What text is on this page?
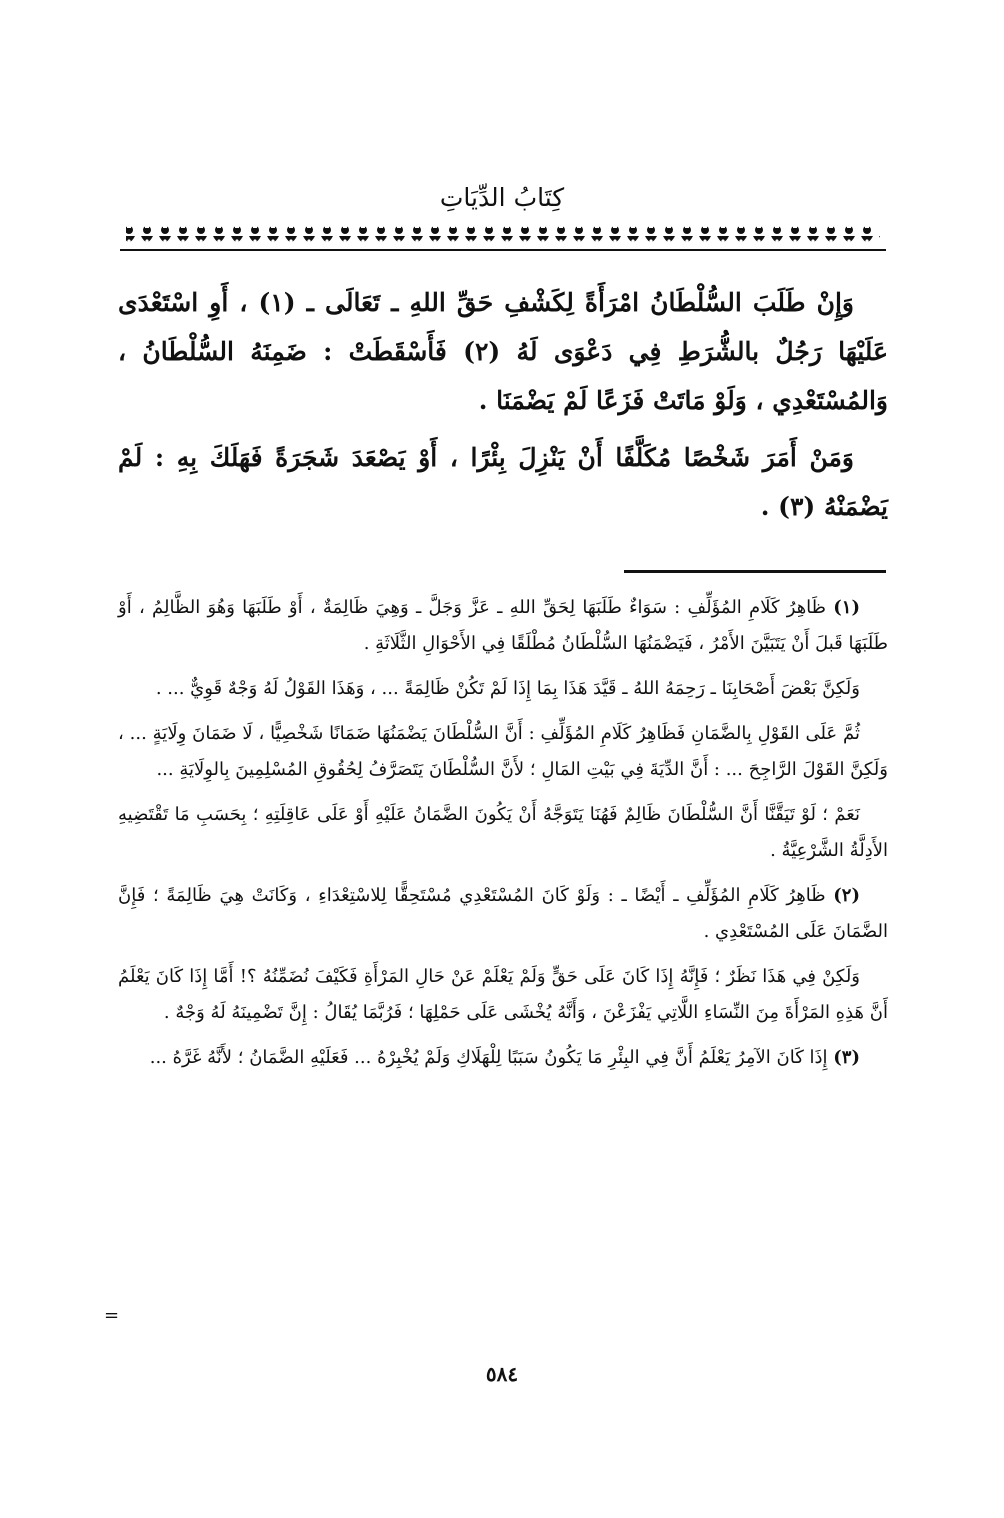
كِتَابُ الدِّيَاتِ

وَإِنْ طَلَبَ السُّلْطَانُ امْرَأَةً لِكَشْفِ حَقِّ اللهِ ـ تَعَالَى ـ (١) ، أَوِ اسْتَعْدَى عَلَيْهَا رَجُلٌ بالشُّرَطِ فِي دَعْوَى لَهُ (٢) فَأَسْقَطَتْ : ضَمِنَهُ السُّلْطَانُ ، وَالمُسْتَعْدِي ، وَلَوْ مَاتَتْ فَزَعًا لَمْ يَضْمَنَا .

وَمَنْ أَمَرَ شَخْصًا مُكَلَّفًا أَنْ يَنْزِلَ بِئْرًا ، أَوْ يَصْعَدَ شَجَرَةً فَهَلَكَ بِهِ : لَمْ يَضْمَنْهُ (٣) .

(١) ظَاهِرُ كَلَامِ المُؤَلِّفِ : سَوَاءٌ طَلَبَهَا لِحَقِّ اللهِ ـ عَزَّ وَجَلَّ ـ وَهِيَ ظَالِمَةٌ ، أَوْ طَلَبَهَا وَهُوَ الظَّالِمُ ، أَوْ طَلَبَهَا قَبلَ أَنْ يَتَبَيَّنَ الأَمْرُ ، فَيَضْمَنُهَا السُّلْطَانُ مُطْلَقًا فِي الأَحْوَالِ الثَّلَاثَةِ .

وَلَكِنَّ بَعْضَ أَصْحَابِنَا ـ رَحِمَهُ اللهُ ـ قَيَّدَ هَذَا بِمَا إِذَا لَمْ تَكُنْ ظَالِمَةً ... ، وَهَذَا القَوْلُ لَهُ وَجْهٌ قَوِيٌّ ... .

ثُمَّ عَلَى القَوْلِ بِالضَّمَانِ فَظَاهِرُ كَلَامِ المُؤَلِّفِ : أَنَّ السُّلْطَانَ يَضْمَنُهَا ضَمَانًا شَخْصِيًّا ، لَا ضَمَانَ وِلَايَةٍ ... ، وَلَكِنَّ القَوْلَ الرَّاجِحَ ... : أَنَّ الدِّيَةَ فِي بَيْتِ المَالِ ؛ لأَنَّ السُّلْطَانَ يَتَصَرَّفُ لِحُقُوقِ المُسْلِمِينَ بِالوِلَايَةِ ...

نَعَمْ ؛ لَوْ تَيَقَّنَّا أَنَّ السُّلْطَانَ ظَالِمٌ فَهُنَا يَتَوَجَّهُ أَنْ يَكُونَ الضَّمَانُ عَلَيْهِ أَوْ عَلَى عَاقِلَتِهِ ؛ بِحَسَبِ مَا تَقْتَضِيهِ الأَدِلَّةُ الشَّرْعِيَّةُ .

(٢) ظَاهِرُ كَلَامِ المُؤَلِّفِ ـ أَيْضًا ـ : وَلَوْ كَانَ المُسْتَعْدِي مُسْتَحِقًّا لِلاسْتِعْدَاءِ ، وَكَانَتْ هِيَ ظَالِمَةً ؛ فَإِنَّ الضَّمَانَ عَلَى المُسْتَعْدِي .

وَلَكِنْ فِي هَذَا نَظَرٌ ؛ فَإِنَّهُ إِذَا كَانَ عَلَى حَقٍّ وَلَمْ يَعْلَمْ عَنْ حَالِ المَرْأَةِ فَكَيْفَ نُضَمِّنُهُ ؟! أَمَّا إِذَا كَانَ يَعْلَمُ أَنَّ هَذِهِ المَرْأَةَ مِنَ النِّسَاءِ اللَّاتِي يَفْزَعْنَ ، وَأَنَّهُ يُخْشَى عَلَى حَمْلِهَا ؛ فَرُبَّمَا يُقَالُ : إِنَّ تَضْمِينَهُ لَهُ وَجْهٌ .

(٣) إِذَا كَانَ الآمِرُ يَعْلَمُ أَنَّ فِي البِئْرِ مَا يَكُونُ سَبَبًا لِلْهَلَاكِ وَلَمْ يُخْبِرْهُ ... فَعَلَيْهِ الضَّمَانُ ؛ لأَنَّهُ غَرَّهُ ...

=
٥٨٤
